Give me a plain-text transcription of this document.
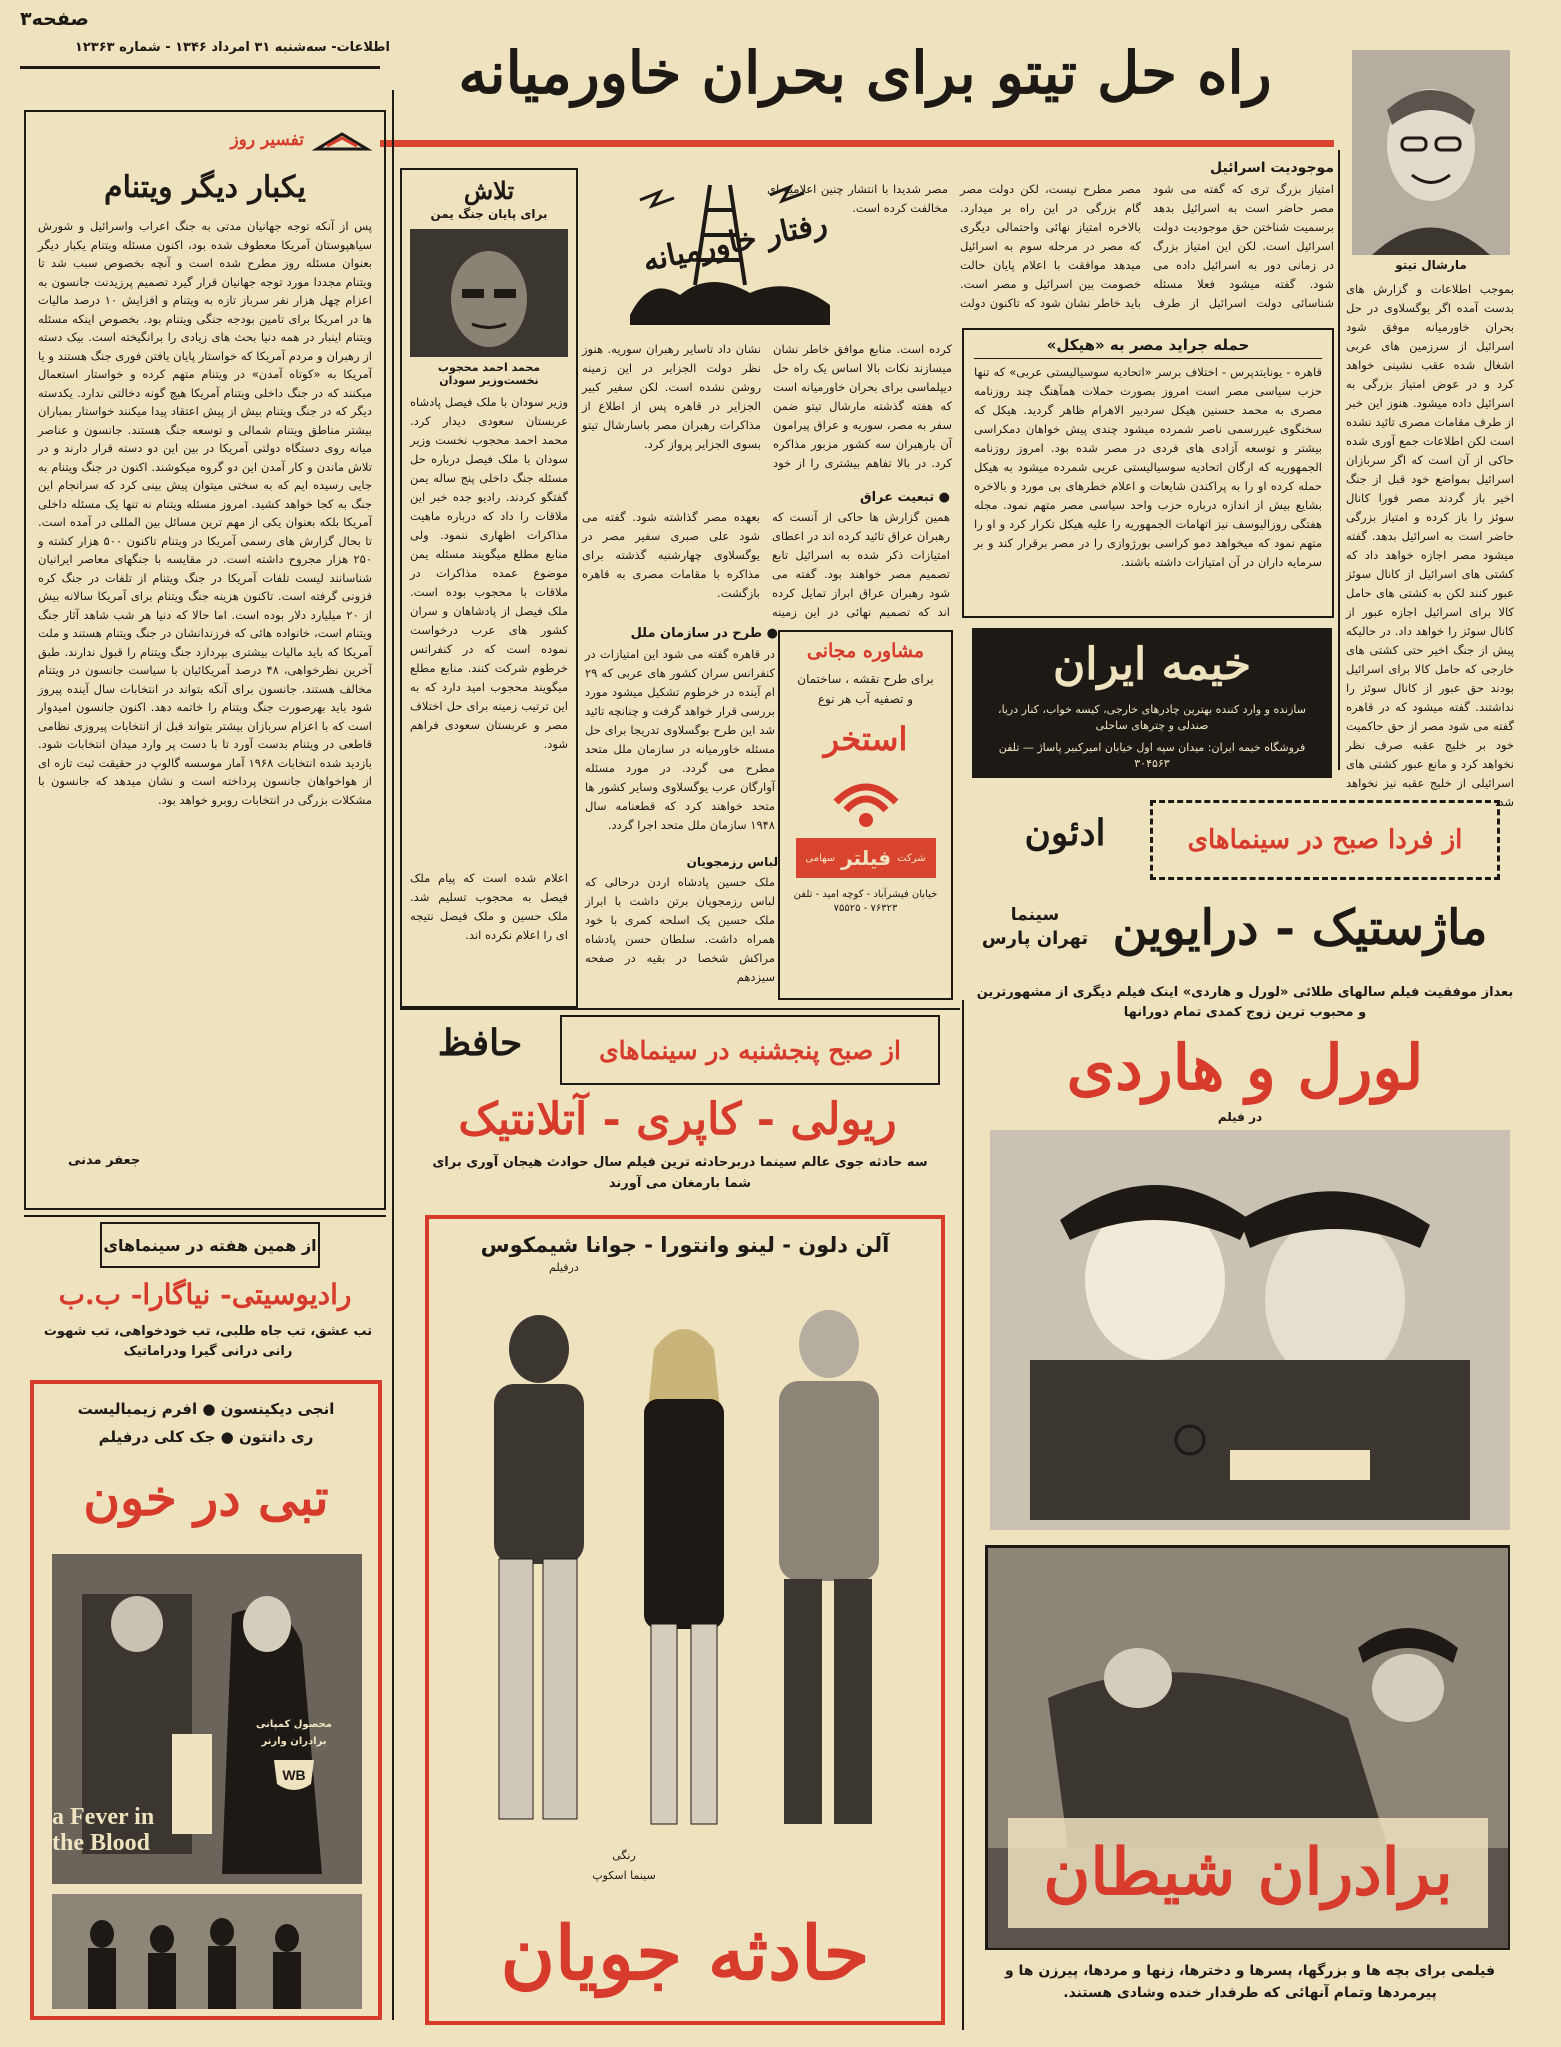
صفحه۳
اطلاعات- سه‌شنبه ۳۱ امرداد ۱۳۴۶ - شماره ۱۲۳۶۳	راه حل تیتو برای بحران خاورمیانه
مارشال تیتو
بموجب اطلاعات و گزارش های بدست آمده اگر یوگسلاوی در حل بحران خاورمیانه موفق شود اسرائیل از سرزمین های عربی اشغال شده عقب نشینی خواهد کرد و در عوض امتیاز بزرگی به اسرائیل داده میشود. هنوز این خبر از طرف مقامات مصری تائید نشده است لکن اطلاعات جمع آوری شده حاکی از آن است که اگر سربازان اسرائیل بمواضع خود قبل از جنگ اخیر باز گردند مصر فورا کانال سوئز را باز کرده و امتیاز بزرگی حاضر است به اسرائیل بدهد. گفته میشود مصر اجازه خواهد داد که کشتی های اسرائیل از کانال سوئز عبور کنند لکن به کشتی های حامل کالا برای اسرائیل اجازه عبور از کانال سوئز را خواهد داد. در حالیکه پیش از جنگ اخیر حتی کشتی های خارجی که حامل کالا برای اسرائیل بودند حق عبور از کانال سوئز را نداشتند. گفته میشود که در قاهره گفته می شود مصر از حق حاکمیت خود بر خلیج عقبه صرف نظر نخواهد کرد و مانع عبور کشتی های اسرائیلی از خلیج عقبه نیز نخواهد شد.
موجودیت اسرائیل
امتیاز بزرگ تری که گفته می شود مصر حاضر است به اسرائیل بدهد برسمیت شناختن حق موجودیت دولت اسرائیل است. لکن این امتیاز بزرگ در زمانی دور به اسرائیل داده می شود. گفته میشود فعلا مسئله شناسائی دولت اسرائیل از طرف مصر مطرح نیست، لکن دولت مصر گام بزرگی در این راه بر میدارد. بالاخره امتیاز نهائی واحتمالی دیگری که مصر در مرحله سوم به اسرائیل میدهد موافقت با اعلام پایان حالت خصومت بین اسرائیل و مصر است. باید خاطر نشان شود که تاکنون دولت مصر شدیدا با انتشار چنین اعلامیه ای مخالفت کرده است.
حمله جراید مصر به «هیکل»
قاهره - یونایتدپرس - اختلاف برسر «اتحادیه سوسیالیستی عربی» که تنها حزب سیاسی مصر است امروز بصورت حملات همآهنگ چند روزنامه مصری به محمد حسنین هیکل سردبیر الاهرام ظاهر گردید. هیکل که سخنگوی غیررسمی ناصر شمرده میشود چندی پیش خواهان دمکراسی بیشتر و توسعه آزادی های فردی در مصر شده بود. امروز روزنامه الجمهوریه که ارگان اتحادیه سوسیالیستی عربی شمرده میشود به هیکل حمله کرده او را به پراکندن شایعات و اعلام خطرهای بی مورد و بالاخره بشایع بیش از اندازه درباره حزب واحد سیاسی مصر متهم نمود. مجله هفتگی روزالیوسف نیز اتهامات الجمهوریه را علیه هیکل تکرار کرد و او را متهم نمود که میخواهد دمو کراسی بورژوازی را در مصر برقرار کند و بر سرمایه داران در آن امتیازات داشته باشند.
رفتار خاورمیانه
کرده است. منابع موافق خاطر نشان میسازند نکات بالا اساس یک راه حل دیپلماسی برای بحران خاورمیانه است که هفته گذشته مارشال تیتو ضمن سفر به مصر، سوریه و عراق پیرامون آن بارهبران سه کشور مزبور مذاکره کرد. در بالا تفاهم بیشتری را از خود نشان داد تاسایر رهبران سوریه. هنوز نظر دولت الجزایر در این زمینه روشن نشده است. لکن سفیر کبیر الجزایر در قاهره پس از اطلاع از مذاکرات رهبران مصر باسارشال تیتو بسوی الجزایر پرواز کرد.
● تبعیت عراق
همین گزارش ها حاکی از آنست که رهبران عراق تائید کرده اند در اعطای امتیازات ذکر شده به اسرائیل تابع تصمیم مصر خواهند بود. گفته می شود رهبران عراق ابراز تمایل کرده اند که تصمیم نهائی در این زمینه بعهده مصر گذاشته شود. گفته می شود علی صبری سفیر مصر در یوگسلاوی چهارشنبه گذشته برای مذاکره با مقامات مصری به قاهره بازگشت.
● طرح در سازمان ملل
در قاهره گفته می شود این امتیازات در کنفرانس سران کشور های عربی که ۲۹ ام آینده در خرطوم تشکیل میشود مورد بررسی قرار خواهد گرفت و چنانچه تائید شد این طرح بوگسلاوی تدریجا برای حل مسئله خاورمیانه در سازمان ملل متحد مطرح می گردد. در مورد مسئله آوارگان عرب یوگسلاوی وسایر کشور ها متحد خواهند کرد که قطعنامه سال ۱۹۴۸ سازمان ملل متحد اجرا گردد.
لباس رزمجویان
ملک حسین پادشاه اردن درحالی که لباس رزمجویان برتن داشت با ابراز ملک حسین یک اسلحه کمری با خود همراه داشت. سلطان حسن پادشاه مراکش شخصا در بقیه در صفحه سیزدهم
مشاوره مجانی
برای طرح نقشه ، ساختمان
و تصفیه آب هر نوع
استخر
شرکت
فیلتر
سهامی
خیابان فیشرآباد - کوچه امید - تلفن ۷۶۳۲۳ - ۷۵۵۲۵
تلاش
برای پایان جنگ یمن
محمد احمد محجوب
نخست‌وزیر سودان
وزیر سودان با ملک فیصل پادشاه عربستان سعودی دیدار کرد. محمد احمد محجوب نخست وزیر سودان با ملک فیصل درباره حل مسئله جنگ داخلی پنج ساله یمن گفتگو کردند. رادیو جده خبر این ملاقات را داد که درباره ماهیت مذاکرات اظهاری ننمود. ولی منابع مطلع میگویند مسئله یمن موضوع عمده مذاکرات در ملاقات با محجوب بوده است. ملک فیصل از پادشاهان و سران کشور های عرب درخواست نموده است که در کنفرانس خرطوم شرکت کنند. منابع مطلع میگویند محجوب امید دارد که به این ترتیب زمینه برای حل اختلاف مصر و عربستان سعودی فراهم شود.
اعلام شده است که پیام ملک فیصل به محجوب تسلیم شد. ملک حسین و ملک فیصل نتیجه ای را اعلام نکرده اند.
تفسیر روز
یکبار دیگر ویتنام
پس از آنکه توجه جهانیان مدتی به جنگ اعراب واسرائیل و شورش سیاهپوستان آمریکا معطوف شده بود، اکنون مسئله ویتنام یکبار دیگر بعنوان مسئله روز مطرح شده است و آنچه بخصوص سبب شد تا ویتنام مجددا مورد توجه جهانیان قرار گیرد تصمیم پرزیدنت جانسون به اعزام چهل هزار نفر سرباز تازه به ویتنام و افزایش ۱۰ درصد مالیات ها در امریکا برای تامین بودجه جنگی ویتنام بود. بخصوص اینکه مسئله ویتنام اینبار در همه دنیا بحث های زیادی را برانگیخته است. بیک دسته از رهبران و مردم آمریکا که خواستار پایان یافتن فوری جنگ هستند و یا آمریکا به «کوتاه آمدن» در ویتنام متهم کرده و خواستار استعمال میکنند که در جنگ داخلی ویتنام آمریکا هیچ گونه دخالتی ندارد. یکدسته دیگر که در جنگ ویتنام بیش از پیش اعتقاد پیدا میکنند خواستار بمباران بیشتر مناطق ویتنام شمالی و توسعه جنگ هستند. جانسون و عناصر میانه روی دستگاه دولتی آمریکا در بین این دو دسته قرار دارند و در تلاش ماندن و کار آمدن این دو گروه میکوشند. اکنون در جنگ ویتنام به جایی رسیده ایم که به سختی میتوان پیش بینی کرد که سرانجام این جنگ به کجا خواهد کشید. امروز مسئله ویتنام نه تنها یک مسئله داخلی آمریکا بلکه بعنوان یکی از مهم ترین مسائل بین المللی در آمده است. تا بحال گزارش های رسمی آمریکا در ویتنام تاکنون ۵۰۰ هزار کشته و ۲۵۰ هزار مجروح داشته است. در مقایسه با جنگهای معاصر ایرانیان شناسانند لیست تلفات آمریکا در جنگ ویتنام از تلفات در جنگ کره فزونی گرفته است. تاکنون هزینه جنگ ویتنام برای آمریکا سالانه بیش از ۲۰ میلیارد دلار بوده است. اما حالا که دنیا هر شب شاهد آثار جنگ ویتنام است، خانواده هائی که فرزندانشان در جنگ ویتنام هستند و ملت آمریکا که باید مالیات بیشتری بپردازد جنگ ویتنام را قبول ندارند. طبق آخرین نظرخواهی، ۴۸ درصد آمریکائیان با سیاست جانسون در ویتنام مخالف هستند. جانسون برای آنکه بتواند در انتخابات سال آینده پیروز شود باید بهرصورت جنگ ویتنام را خاتمه دهد. اکنون جانسون امیدوار است که با اعزام سربازان بیشتر بتواند قبل از انتخابات پیروزی نظامی قاطعی در ویتنام بدست آورد تا با دست پر وارد میدان انتخابات شود. بازدید شده انتخابات ۱۹۶۸ آمار موسسه گالوپ در حقیقت ثبت تازه ای از هواخواهان جانسون پرداخته است و نشان میدهد که جانسون با مشکلات بزرگی در انتخابات روبرو خواهد بود.
جعفر مدنی
خیمه ایران
سازنده و وارد کننده بهترین چادرهای خارجی، کیسه خواب، کنار دریا، صندلی و چترهای ساحلی
فروشگاه خیمه ایران: میدان سپه اول خیابان امیرکبیر پاساژ — تلفن ۳۰۴۵۶۳
از فردا صبح در سینماهای
ادئون
ماژستیک - درایوین
سینما
تهران پارس
بعداز موفقیت فیلم سالهای طلائی «لورل و هاردی» اینک فیلم دیگری از مشهورترین
و محبوب ترین زوج کمدی تمام دورانها
لورل و هاردی
در فیلم
برادران شیطان
فیلمی برای بچه ها و بزرگها، پسرها و دخترها، زنها و مردها، پیرزن ها و پیرمردها وتمام آنهائی که طرفدار خنده وشادی هستند.
از صبح پنجشنبه در سینماهای
حافظ
ریولی - کاپری - آتلانتیک
سه حادثه جوی عالم سینما دربرحادثه ترین فیلم سال حوادث هیجان آوری برای
شما بارمغان می آورند
آلن دلون - لینو وانتورا - جوانا شیمکوس
درفیلم
رنگی
سینما اسکوپ
حادثه جویان
از همین هفته در سینماهای
رادیوسیتی- نیاگارا- ب.ب
تب عشق، تب جاه طلبی، تب خودخواهی، تب شهوت رانی درانی گیرا ودراماتیک
انجی دیکینسون ● افرم زیمبالیست
ری دانتون ● جک کلی درفیلم
تبی در خون
محصول کمپانی
برادران وارنر
WB
a Fever in the Blood
